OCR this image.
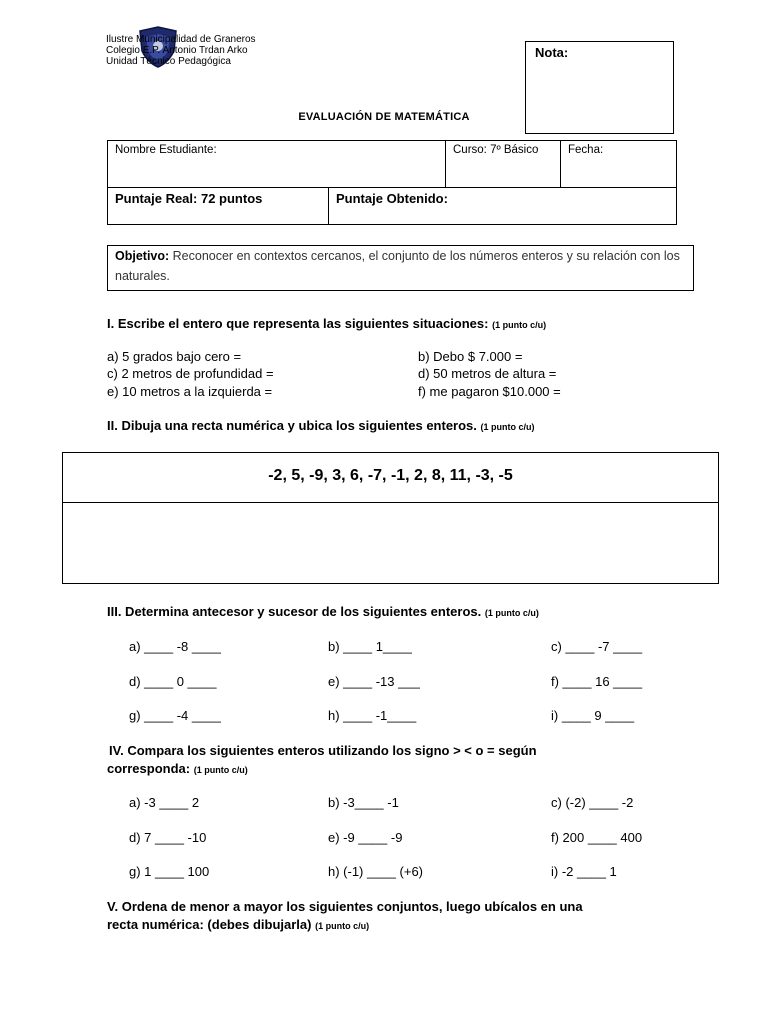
Ilustre Municipalidad de Graneros
Colegio E.P. Antonio Trdan Arko
Unidad Técnico Pedagógica
Nota:
EVALUACIÓN DE MATEMÁTICA
Nombre Estudiante:	Curso: 7º Básico	Fecha:
Puntaje Real: 72 puntos	Puntaje Obtenido:
Objetivo: Reconocer en contextos cercanos, el conjunto de los números enteros y su relación con los naturales.
I. Escribe el entero que representa las siguientes situaciones: (1 punto c/u)
a) 5 grados bajo cero =	b) Debo $ 7.000 =
c) 2 metros de profundidad =	d) 50 metros de altura =
e) 10 metros a la izquierda =	f) me pagaron $10.000 =
II. Dibuja una recta numérica y ubica los siguientes enteros. (1 punto c/u)
-2, 5, -9, 3, 6, -7, -1, 2, 8, 11, -3, -5
III. Determina antecesor y sucesor de los siguientes enteros. (1 punto c/u)
a) ____ -8 ____	b) ____ 1____	c) ____ -7 ____
d) ____ 0 ____	e) ____ -13 ___	f) ____ 16 ____
g) ____ -4 ____	h) ____ -1____	i) ____ 9 ____
IV. Compara los siguientes enteros utilizando los signo > < o = según
corresponda: (1 punto c/u)
a) -3 ____ 2	b) -3____ -1	c) (-2) ____ -2
d) 7 ____ -10	e) -9 ____ -9	f) 200 ____ 400
g) 1 ____ 100	h) (-1) ____ (+6)	i) -2 ____ 1
V. Ordena de menor a mayor los siguientes conjuntos, luego ubícalos en una
recta numérica: (debes dibujarla) (1 punto c/u)
